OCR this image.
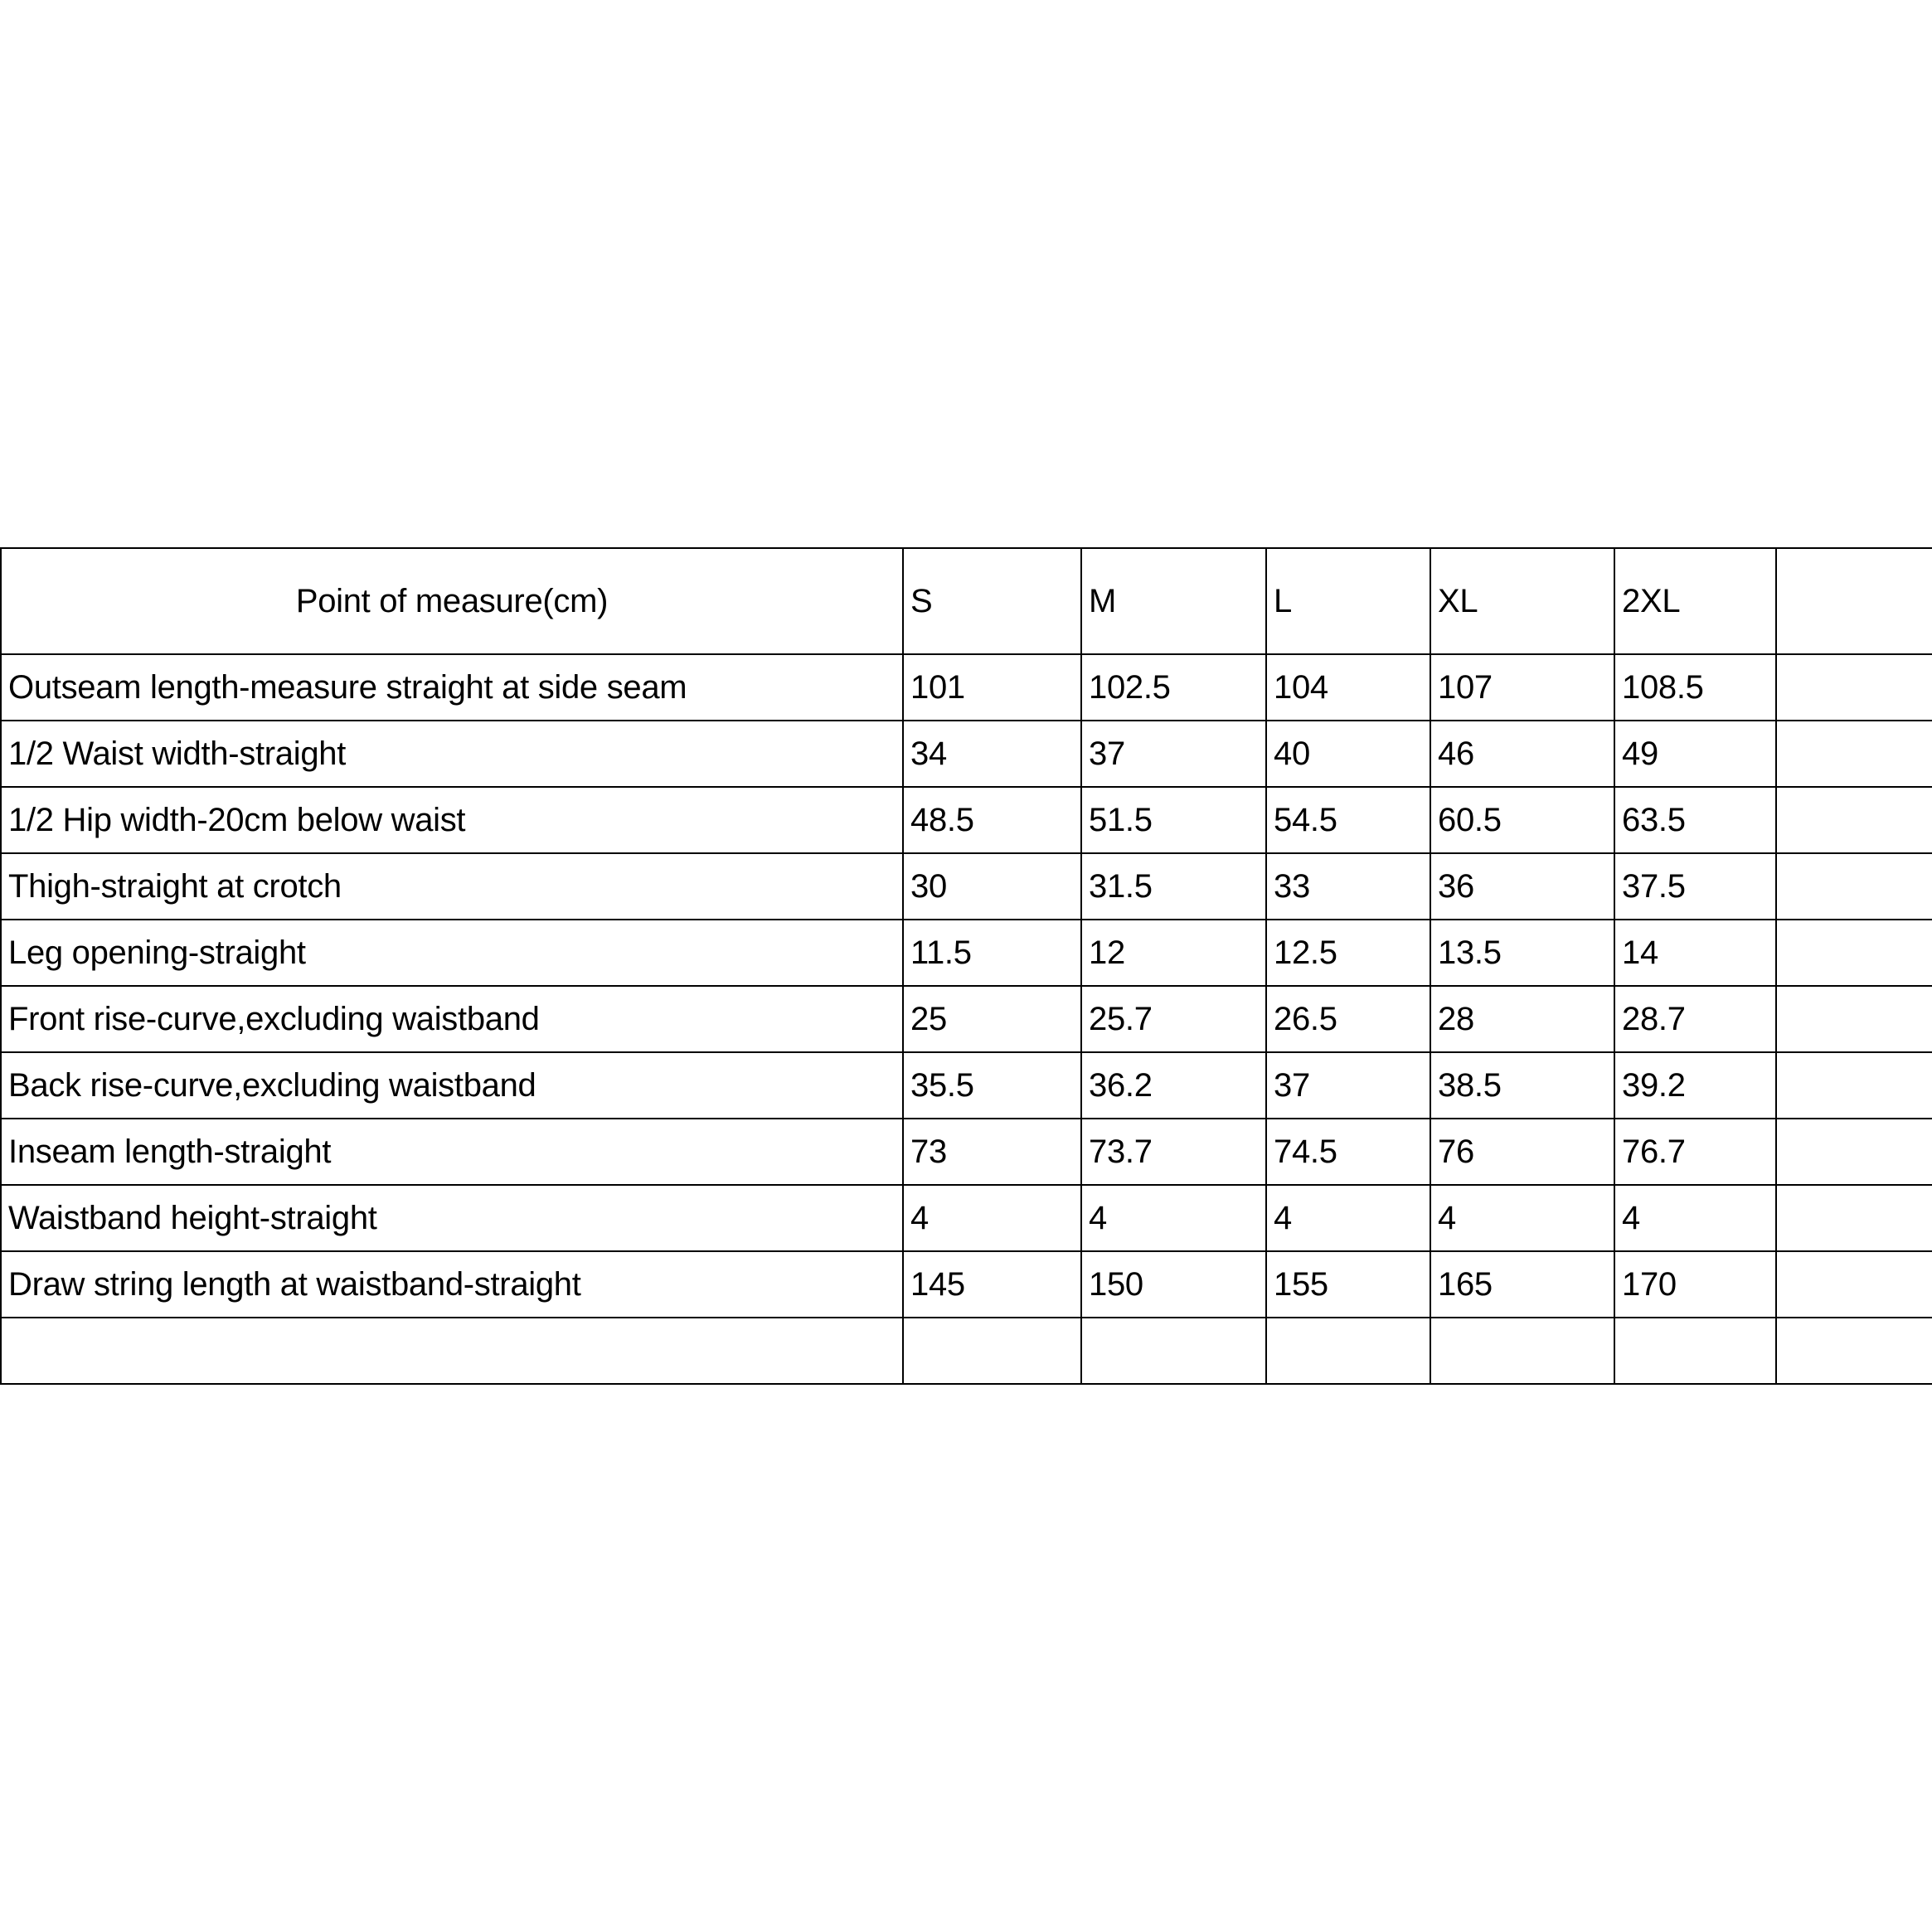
Point of measure(cm)	S	M	L	XL	2XL	
Outseam length-measure straight at side seam	101	102.5	104	107	108.5	
1/2 Waist width-straight	34	37	40	46	49	
1/2 Hip width-20cm below waist	48.5	51.5	54.5	60.5	63.5	
Thigh-straight at crotch	30	31.5	33	36	37.5	
Leg opening-straight	11.5	12	12.5	13.5	14	
Front rise-curve,excluding waistband	25	25.7	26.5	28	28.7	
Back rise-curve,excluding waistband	35.5	36.2	37	38.5	39.2	
Inseam length-straight	73	73.7	74.5	76	76.7	
Waistband height-straight	4	4	4	4	4	
Draw string length at waistband-straight	145	150	155	165	170	
